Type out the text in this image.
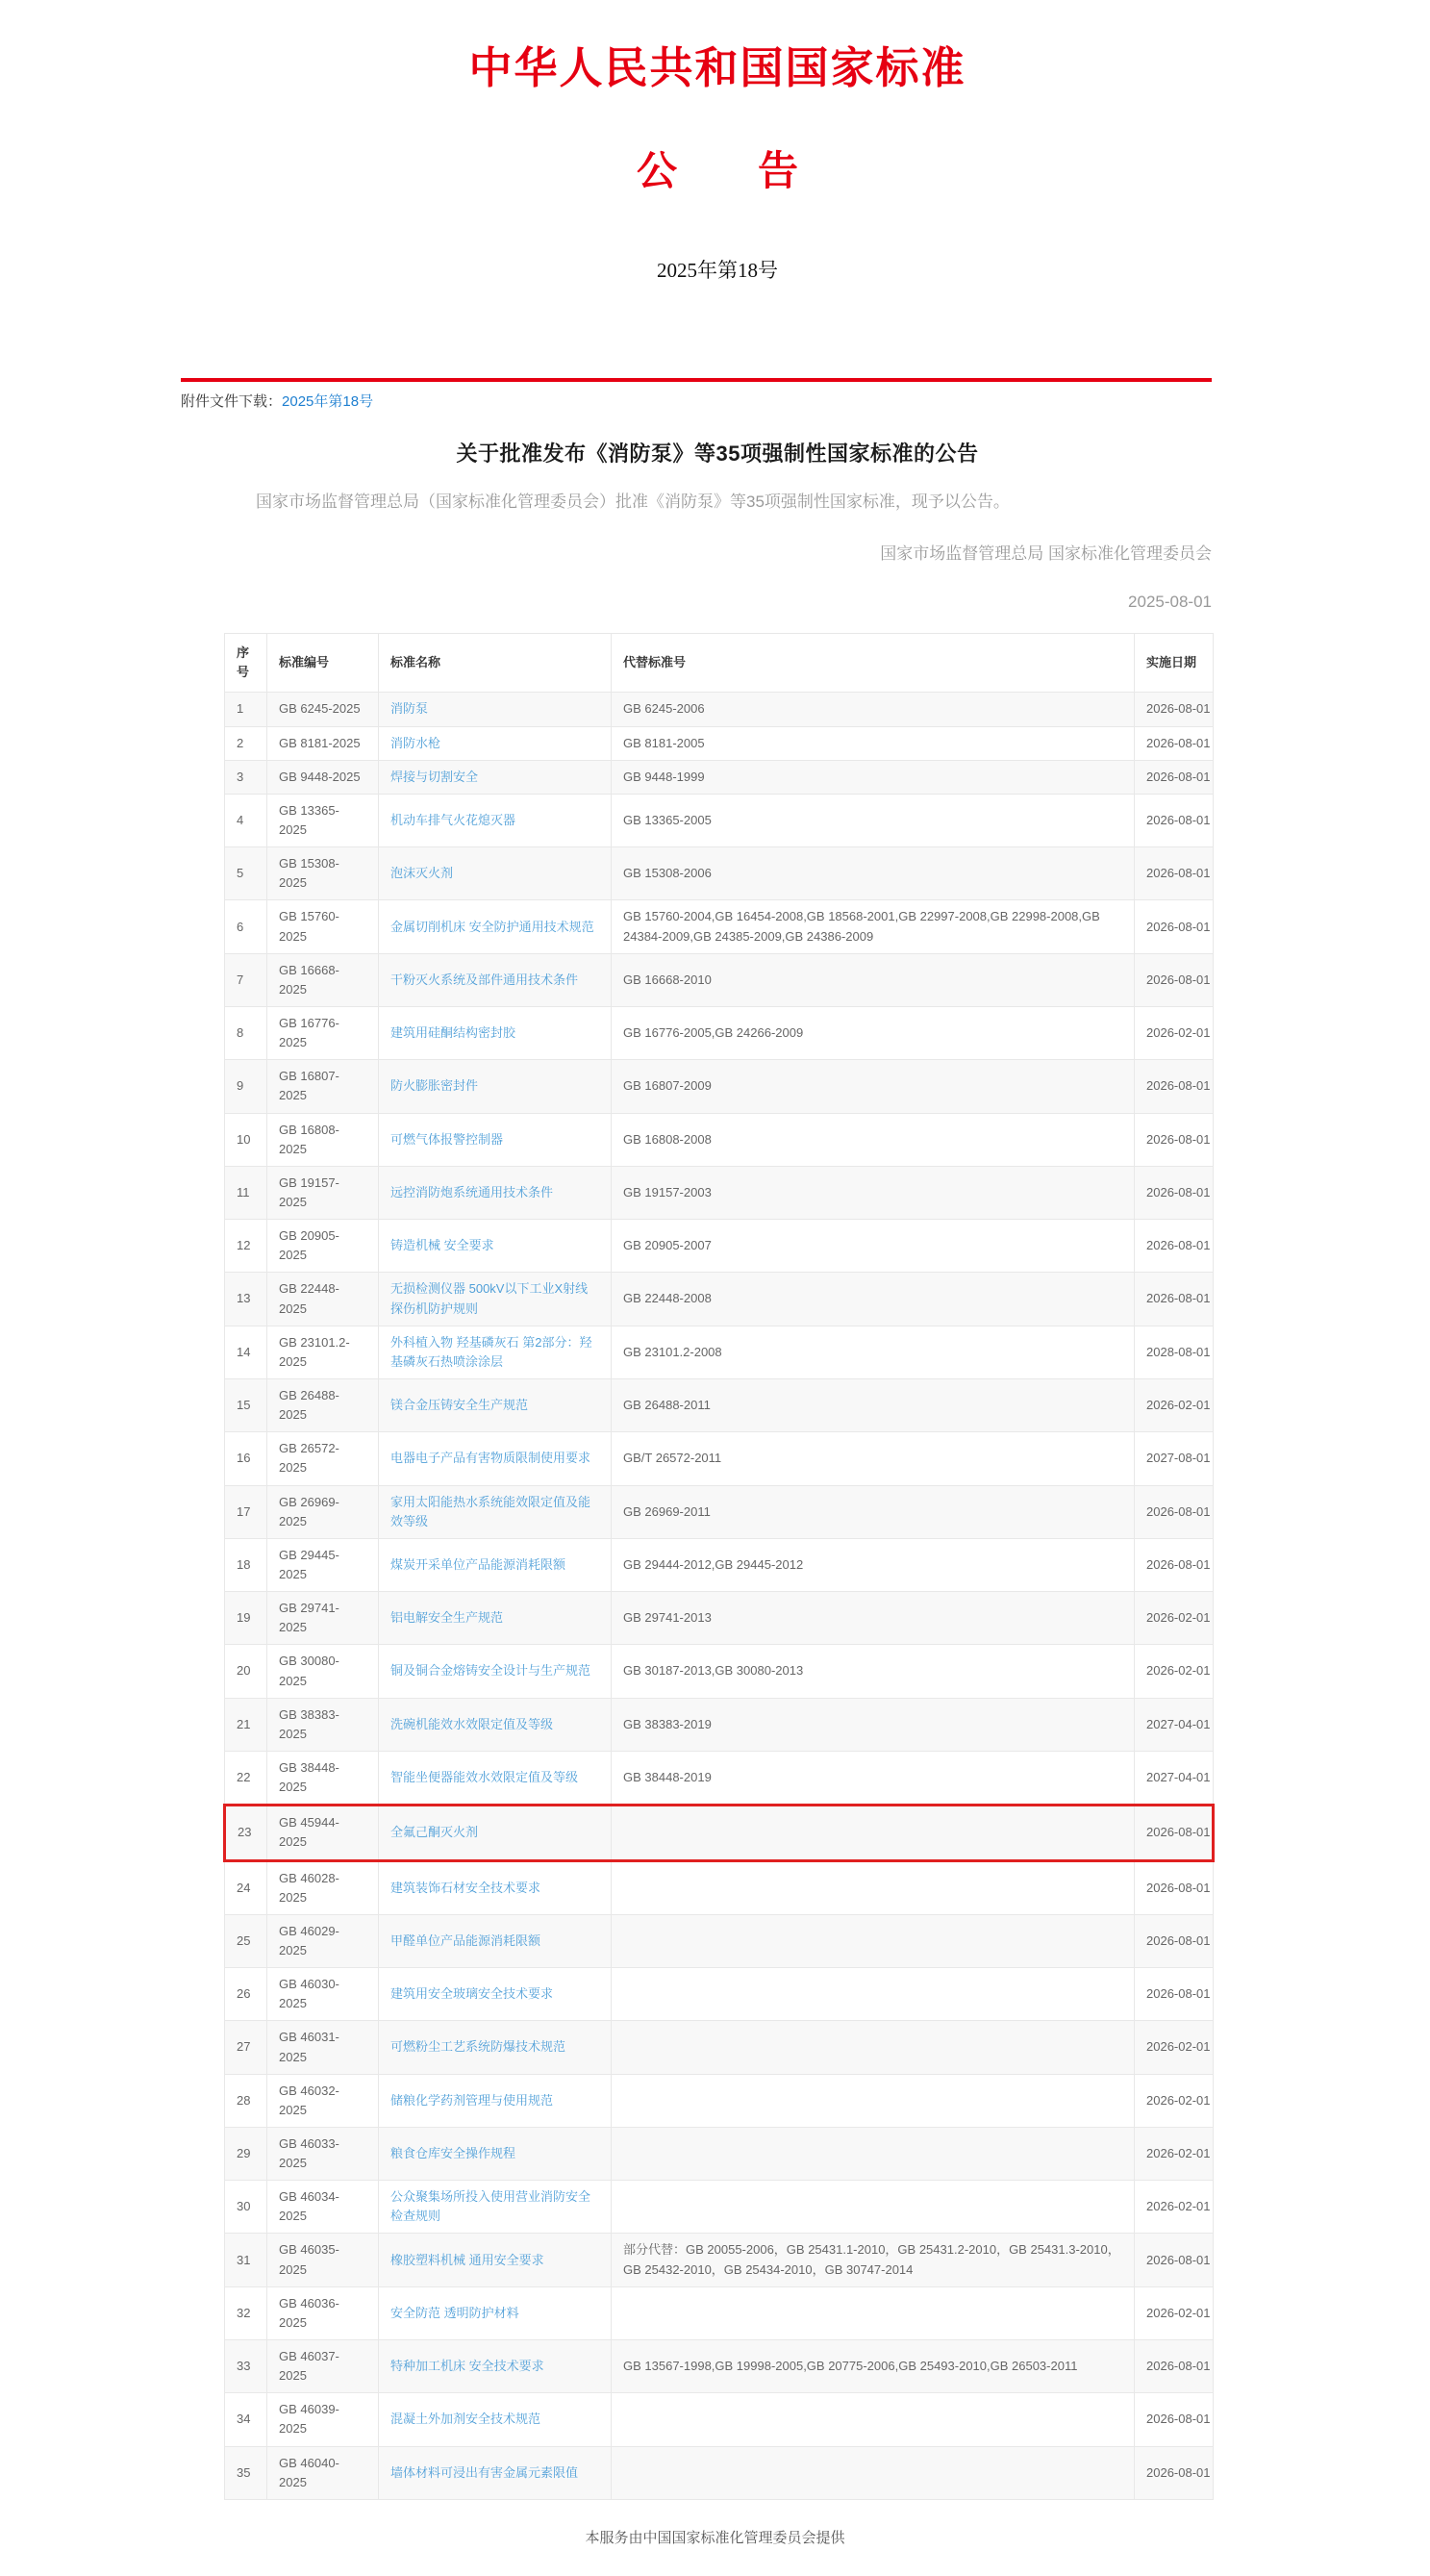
中华人民共和国国家标准
公　　告
2025年第18号
附件文件下载：2025年第18号
关于批准发布《消防泵》等35项强制性国家标准的公告

国家市场监督管理总局（国家标准化管理委员会）批准《消防泵》等35项强制性国家标准，现予以公告。

国家市场监督管理总局 国家标准化管理委员会
2025-08-01
序号	标准编号	标准名称	代替标准号	实施日期
1	GB 6245-2025	消防泵	GB 6245-2006	2026-08-01
2	GB 8181-2025	消防水枪	GB 8181-2005	2026-08-01
3	GB 9448-2025	焊接与切割安全	GB 9448-1999	2026-08-01
4	GB 13365-2025	机动车排气火花熄灭器	GB 13365-2005	2026-08-01
5	GB 15308-2025	泡沫灭火剂	GB 15308-2006	2026-08-01
6	GB 15760-2025	金属切削机床 安全防护通用技术规范	GB 15760-2004,GB 16454-2008,GB 18568-2001,GB 22997-2008,GB 22998-2008,GB 24384-2009,GB 24385-2009,GB 24386-2009	2026-08-01
7	GB 16668-2025	干粉灭火系统及部件通用技术条件	GB 16668-2010	2026-08-01
8	GB 16776-2025	建筑用硅酮结构密封胶	GB 16776-2005,GB 24266-2009	2026-02-01
9	GB 16807-2025	防火膨胀密封件	GB 16807-2009	2026-08-01
10	GB 16808-2025	可燃气体报警控制器	GB 16808-2008	2026-08-01
11	GB 19157-2025	远控消防炮系统通用技术条件	GB 19157-2003	2026-08-01
12	GB 20905-2025	铸造机械 安全要求	GB 20905-2007	2026-08-01
13	GB 22448-2025	无损检测仪器 500kV以下工业X射线探伤机防护规则	GB 22448-2008	2026-08-01
14	GB 23101.2-2025	外科植入物 羟基磷灰石 第2部分：羟基磷灰石热喷涂涂层	GB 23101.2-2008	2028-08-01
15	GB 26488-2025	镁合金压铸安全生产规范	GB 26488-2011	2026-02-01
16	GB 26572-2025	电器电子产品有害物质限制使用要求	GB/T 26572-2011	2027-08-01
17	GB 26969-2025	家用太阳能热水系统能效限定值及能效等级	GB 26969-2011	2026-08-01
18	GB 29445-2025	煤炭开采单位产品能源消耗限额	GB 29444-2012,GB 29445-2012	2026-08-01
19	GB 29741-2025	铝电解安全生产规范	GB 29741-2013	2026-02-01
20	GB 30080-2025	铜及铜合金熔铸安全设计与生产规范	GB 30187-2013,GB 30080-2013	2026-02-01
21	GB 38383-2025	洗碗机能效水效限定值及等级	GB 38383-2019	2027-04-01
22	GB 38448-2025	智能坐便器能效水效限定值及等级	GB 38448-2019	2027-04-01
23	GB 45944-2025	全氟己酮灭火剂		2026-08-01
24	GB 46028-2025	建筑装饰石材安全技术要求		2026-08-01
25	GB 46029-2025	甲醛单位产品能源消耗限额		2026-08-01
26	GB 46030-2025	建筑用安全玻璃安全技术要求		2026-08-01
27	GB 46031-2025	可燃粉尘工艺系统防爆技术规范		2026-02-01
28	GB 46032-2025	储粮化学药剂管理与使用规范		2026-02-01
29	GB 46033-2025	粮食仓库安全操作规程		2026-02-01
30	GB 46034-2025	公众聚集场所投入使用营业消防安全检查规则		2026-02-01
31	GB 46035-2025	橡胶塑料机械 通用安全要求	部分代替：GB 20055-2006，GB 25431.1-2010，GB 25431.2-2010，GB 25431.3-2010，GB 25432-2010，GB 25434-2010，GB 30747-2014	2026-08-01
32	GB 46036-2025	安全防范 透明防护材料		2026-02-01
33	GB 46037-2025	特种加工机床 安全技术要求	GB 13567-1998,GB 19998-2005,GB 20775-2006,GB 25493-2010,GB 26503-2011	2026-08-01
34	GB 46039-2025	混凝土外加剂安全技术规范		2026-08-01
35	GB 46040-2025	墙体材料可浸出有害金属元素限值		2026-08-01
本服务由中国国家标准化管理委员会提供
